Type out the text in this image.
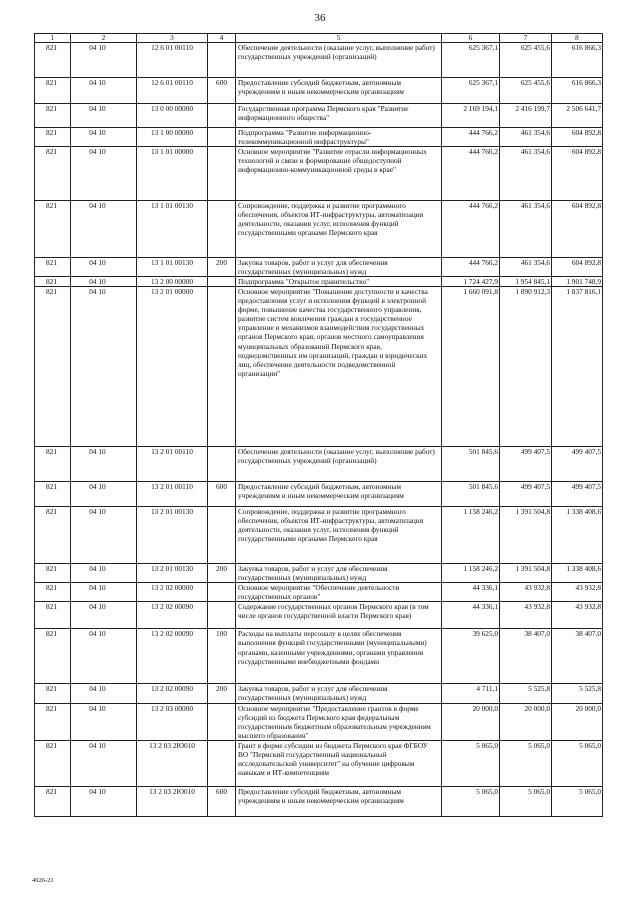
36
1	2	3	4	5	6	7	8
821	04 10	12 6 01 00110		Обеспечение деятельности (оказание услуг, выполнение работ) государственных учреждений (организаций)	625 367,1	625 455,6	616 866,3
821	04 10	12 6 01 00110	600	Предоставление субсидий бюджетным, автономным учреждениям и иным некоммерческим организациям	625 367,1	625 455,6	616 866,3
821	04 10	13 0 00 00000		Государственная программа Пермского края "Развитие информационного общества"	2 169 194,1	2 416 199,7	2 506 641,7
821	04 10	13 1 00 00000		Подпрограмма "Развитие информационно-телекоммуникационной инфраструктуры"	444 766,2	461 354,6	604 892,8
821	04 10	13 1 01 00000		Основное мероприятие "Развитие отрасли информационных технологий и связи и формирование общедоступной информационно-коммуникационной среды в крае"	444 766,2	461 354,6	604 892,8
821	04 10	13 1 01 00130		Сопровождение, поддержка и развитие программного обеспечения, объектов ИТ-инфраструктуры, автоматизация деятельности, оказания услуг, исполнения функций государственными органами Пермского края	444 766,2	461 354,6	604 892,8
821	04 10	13 1 01 00130	200	Закупка товаров, работ и услуг для обеспечения государственных (муниципальных) нужд	444 766,2	461 354,6	604 892,8
821	04 10	13 2 00 00000		Подпрограмма "Открытое правительство"	1 724 427,9	1 954 845,1	1 901 748,9
821	04 10	13 2 01 00000		Основное мероприятие "Повышение доступности и качества предоставления услуг и исполнения функций в электронной форме, повышение качества государственного управления, развитие систем вовлечения граждан в государственное управление и механизмов взаимодействия государственных органов Пермского края, органов местного самоуправления муниципальных образований Пермского края, подведомственных им организаций, граждан и юридических лиц, обеспечение деятельности подведомственной организации"	1 660 091,8	1 890 912,3	1 837 816,1
821	04 10	13 2 01 00110		Обеспечение деятельности (оказание услуг, выполнение работ) государственных учреждений (организаций)	501 845,6	499 407,5	499 407,5
821	04 10	13 2 01 00110	600	Предоставление субсидий бюджетным, автономным учреждениям и иным некоммерческим организациям	501 845,6	499 407,5	499 407,5
821	04 10	13 2 01 00130		Сопровождение, поддержка и развитие программного обеспечения, объектов ИТ-инфраструктуры, автоматизация деятельности, оказания услуг, исполнения функций государственными органами Пермского края	1 158 246,2	1 391 504,8	1 338 408,6
821	04 10	13 2 01 00130	200	Закупка товаров, работ и услуг для обеспечения государственных (муниципальных) нужд	1 158 246,2	1 391 504,8	1 338 408,6
821	04 10	13 2 02 00000		Основное мероприятие "Обеспечение деятельности государственных органов"	44 336,1	43 932,8	43 932,8
821	04 10	13 2 02 00090		Содержание государственных органов Пермского края (в том числе органов государственной власти Пермского края)	44 336,1	43 932,8	43 932,8
821	04 10	13 2 02 00090	100	Расходы на выплаты персоналу в целях обеспечения выполнения функций государственными (муниципальными) органами, казенными учреждениями, органами управления государственными внебюджетными фондами	39 625,0	38 407,0	38 407,0
821	04 10	13 2 02 00090	200	Закупка товаров, работ и услуг для обеспечения государственных (муниципальных) нужд	4 711,1	5 525,8	5 525,8
821	04 10	13 2 03 00000		Основное мероприятие "Предоставление грантов в форме субсидий из бюджета Пермского края федеральным государственным бюджетным образовательным учреждениям высшего образования"	20 000,0	20 000,0	20 000,0
821	04 10	13 2 03 2Ю010		Грант в форме субсидии из бюджета Пермского края ФГБОУ ВО "Пермский государственный национальный исследовательский университет" на обучение цифровым навыкам и ИТ-компетенциям	5 065,0	5 065,0	5 065,0
821	04 10	13 2 03 2Ю010	600	Предоставление субсидий бюджетным, автономным учреждениям и иным некоммерческим организациям	5 065,0	5 065,0	5 065,0
4926-21
